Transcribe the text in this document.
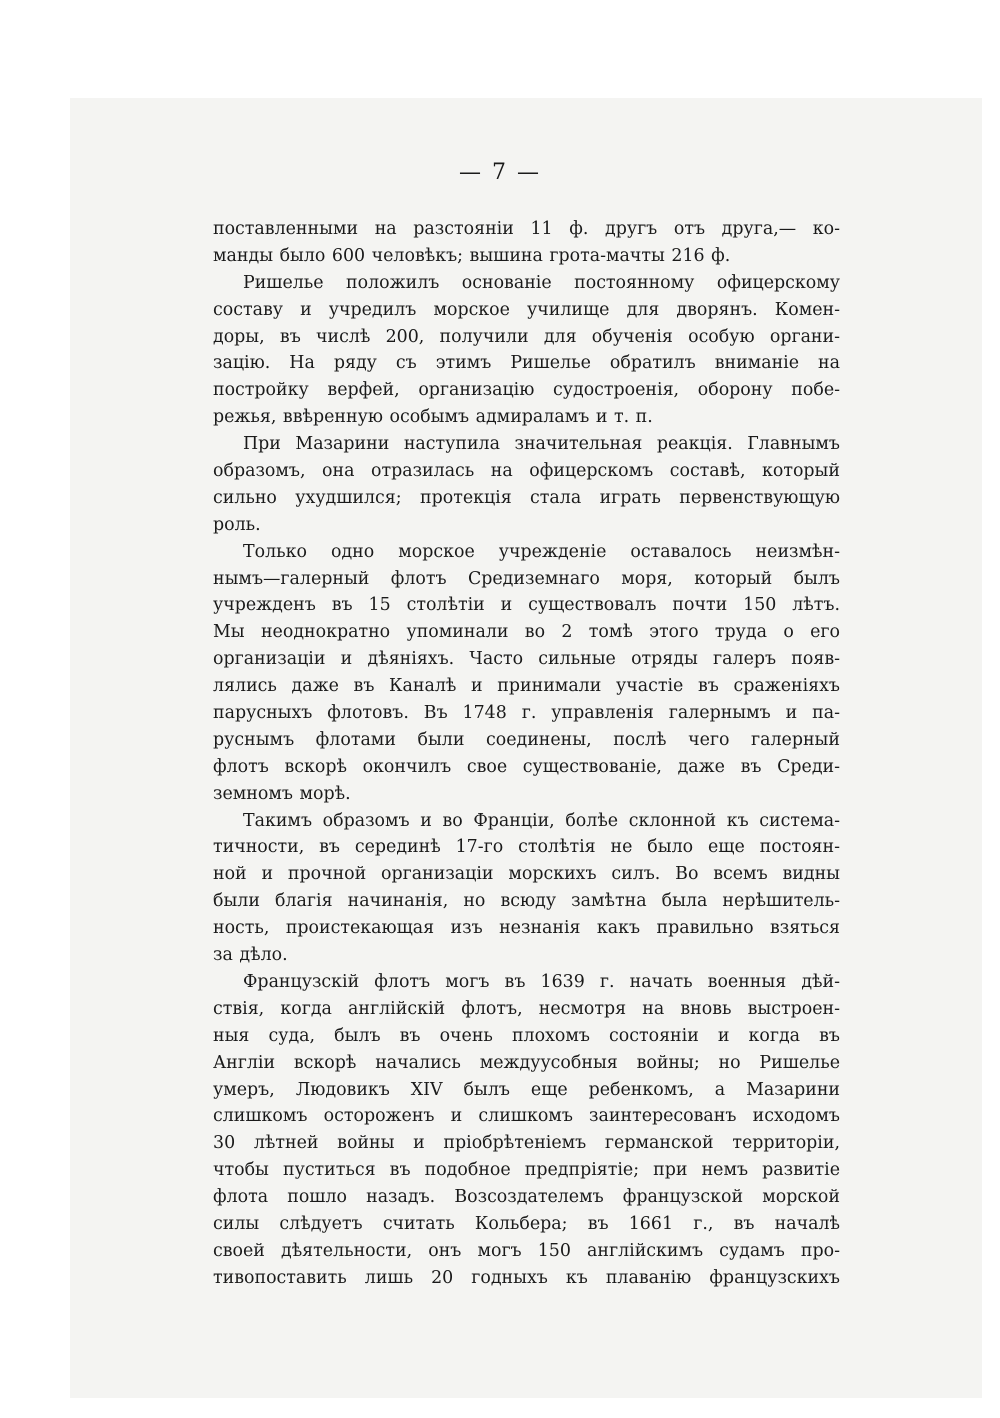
— 7 —
поставленными на разстоянiи 11 ф. другъ отъ друга,— ко-
манды было 600 человѣкъ; вышина грота-мачты 216 ф.
Ришелье положилъ основанiе постоянному офицерскому
составу и учредилъ морское училище для дворянъ. Комен-
доры, въ числѣ 200, получили для обученiя особую органи-
зацiю. На ряду съ этимъ Ришелье обратилъ вниманiе на
постройку верфей, организацiю судостроенiя, оборону побе-
режья, ввѣренную особымъ адмираламъ и т. п.
При Мазарини наступила значительная реакцiя. Главнымъ
образомъ, она отразилась на офицерскомъ составѣ, который
сильно ухудшился; протекцiя стала играть первенствующую
роль.
Только одно морское учрежденiе оставалось неизмѣн-
нымъ—галерный флотъ Средиземнаго моря, который былъ
учрежденъ въ 15 столѣтiи и существовалъ почти 150 лѣтъ.
Мы неоднократно упоминали во 2 томѣ этого труда о его
организацiи и дѣянiяхъ. Часто сильные отряды галеръ появ-
лялись даже въ Каналѣ и принимали участiе въ сраженiяхъ
парусныхъ флотовъ. Въ 1748 г. управленiя галернымъ и па-
руснымъ флотами были соединены, послѣ чего галерный
флотъ вскорѣ окончилъ свое существованiе, даже въ Среди-
земномъ морѣ.
Такимъ образомъ и во Францiи, болѣе склонной къ система-
тичности, въ серединѣ 17-го столѣтiя не было еще постоян-
ной и прочной организацiи морскихъ силъ. Во всемъ видны
были благiя начинанiя, но всюду замѣтна была нерѣшитель-
ность, проистекающая изъ незнанiя какъ правильно взяться
за дѣло.
Французскiй флотъ могъ въ 1639 г. начать военныя дѣй-
ствiя, когда англiйскiй флотъ, несмотря на вновь выстроен-
ныя суда, былъ въ очень плохомъ состоянiи и когда въ
Англiи вскорѣ начались междуусобныя войны; но Ришелье
умеръ, Людовикъ XIV былъ еще ребенкомъ, а Мазарини
слишкомъ остороженъ и слишкомъ заинтересованъ исходомъ
30 лѣтней войны и прiобрѣтенiемъ германской территорiи,
чтобы пуститься въ подобное предпрiятiе; при немъ развитiе
флота пошло назадъ. Возсоздателемъ французской морской
силы слѣдуетъ считать Кольбера; въ 1661 г., въ началѣ
своей дѣятельности, онъ могъ 150 англiйскимъ судамъ про-
тивопоставить лишь 20 годныхъ къ плаванiю французскихъ
